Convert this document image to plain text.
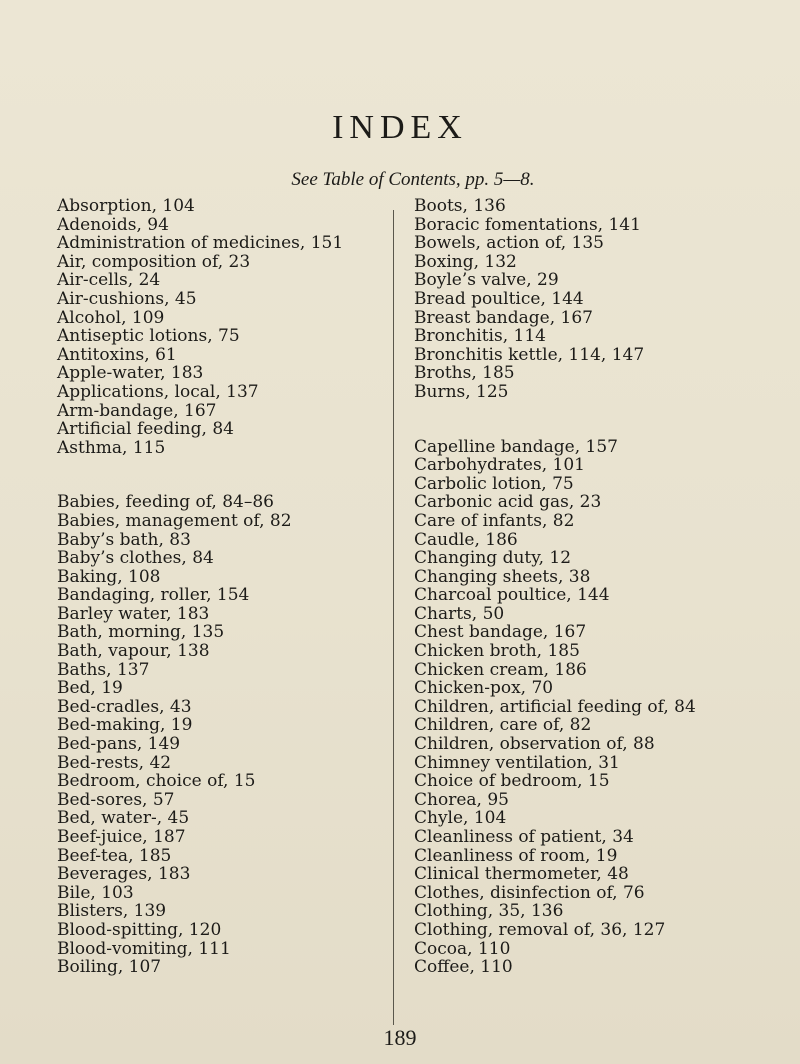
INDEX
See Table of Contents, pp. 5—8.
Absorption, 104
Adenoids, 94
Administration of medicines, 151
Air, composition of, 23
Air-cells, 24
Air-cushions, 45
Alcohol, 109
Antiseptic lotions, 75
Antitoxins, 61
Apple-water, 183
Applications, local, 137
Arm-bandage, 167
Artificial feeding, 84
Asthma, 115
Babies, feeding of, 84–86
Babies, management of, 82
Baby’s bath, 83
Baby’s clothes, 84
Baking, 108
Bandaging, roller, 154
Barley water, 183
Bath, morning, 135
Bath, vapour, 138
Baths, 137
Bed, 19
Bed-cradles, 43
Bed-making, 19
Bed-pans, 149
Bed-rests, 42
Bedroom, choice of, 15
Bed-sores, 57
Bed, water-, 45
Beef-juice, 187
Beef-tea, 185
Beverages, 183
Bile, 103
Blisters, 139
Blood-spitting, 120
Blood-vomiting, 111
Boiling, 107
Boots, 136
Boracic fomentations, 141
Bowels, action of, 135
Boxing, 132
Boyle’s valve, 29
Bread poultice, 144
Breast bandage, 167
Bronchitis, 114
Bronchitis kettle, 114, 147
Broths, 185
Burns, 125
Capelline bandage, 157
Carbohydrates, 101
Carbolic lotion, 75
Carbonic acid gas, 23
Care of infants, 82
Caudle, 186
Changing duty, 12
Changing sheets, 38
Charcoal poultice, 144
Charts, 50
Chest bandage, 167
Chicken broth, 185
Chicken cream, 186
Chicken-pox, 70
Children, artificial feeding of, 84
Children, care of, 82
Children, observation of, 88
Chimney ventilation, 31
Choice of bedroom, 15
Chorea, 95
Chyle, 104
Cleanliness of patient, 34
Cleanliness of room, 19
Clinical thermometer, 48
Clothes, disinfection of, 76
Clothing, 35, 136
Clothing, removal of, 36, 127
Cocoa, 110
Coffee, 110
189
